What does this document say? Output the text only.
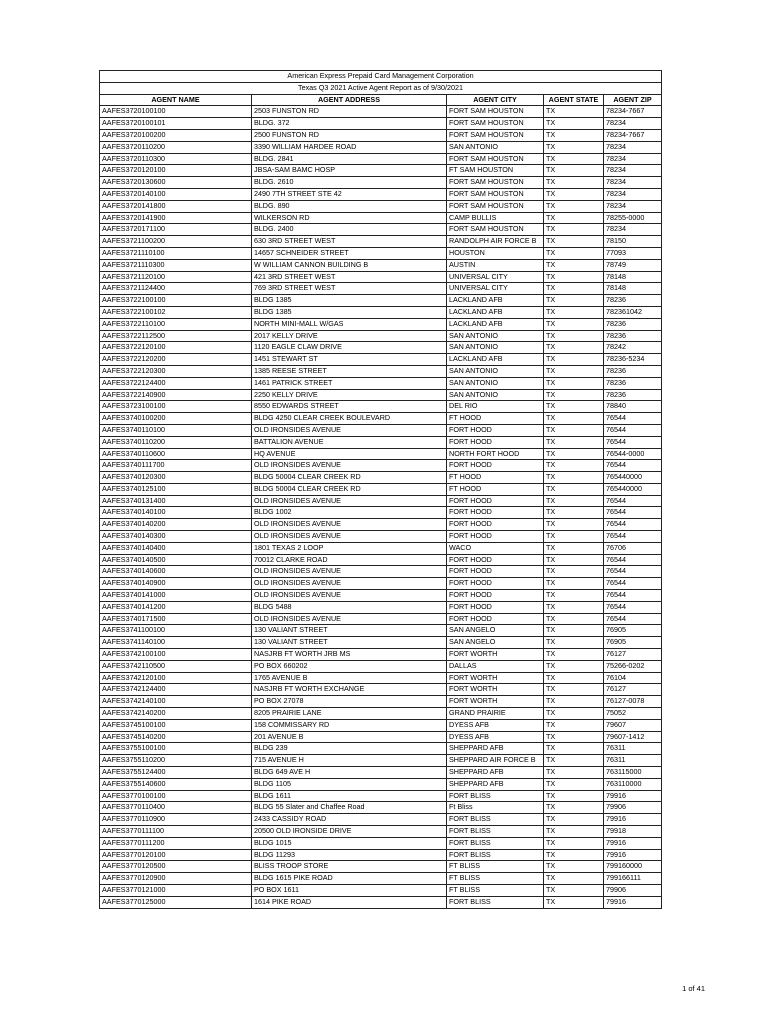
American Express Prepaid Card Management Corporation				
Texas Q3 2021 Active Agent Report as of 9/30/2021				
AGENT NAME	AGENT ADDRESS	AGENT CITY	AGENT STATE	AGENT ZIP
AAFES3720100100	2503 FUNSTON RD	FORT SAM HOUSTON	TX	78234-7667
AAFES3720100101	BLDG. 372	FORT SAM HOUSTON	TX	78234
AAFES3720100200	2500 FUNSTON RD	FORT SAM HOUSTON	TX	78234-7667
AAFES3720110200	3390 WILLIAM HARDEE ROAD	SAN ANTONIO	TX	78234
AAFES3720110300	BLDG. 2841	FORT SAM HOUSTON	TX	78234
AAFES3720120100	JBSA-SAM BAMC HOSP	FT SAM HOUSTON	TX	78234
AAFES3720130600	BLDG. 2610	FORT SAM HOUSTON	TX	78234
AAFES3720140100	2490 7TH STREET STE 42	FORT SAM HOUSTON	TX	78234
AAFES3720141800	BLDG. 890	FORT SAM HOUSTON	TX	78234
AAFES3720141900	WILKERSON RD	CAMP BULLIS	TX	78255-0000
AAFES3720171100	BLDG. 2400	FORT SAM HOUSTON	TX	78234
AAFES3721100200	630 3RD STREET WEST	RANDOLPH AIR FORCE B	TX	78150
AAFES3721110100	14657 SCHNEIDER STREET	HOUSTON	TX	77093
AAFES3721110300	W WILLIAM CANNON BUILDING B	AUSTIN	TX	78749
AAFES3721120100	421 3RD STREET WEST	UNIVERSAL CITY	TX	78148
AAFES3721124400	769 3RD STREET WEST	UNIVERSAL CITY	TX	78148
AAFES3722100100	BLDG 1385	LACKLAND AFB	TX	78236
AAFES3722100102	BLDG 1385	LACKLAND AFB	TX	782361042
AAFES3722110100	NORTH MINI-MALL W/GAS	LACKLAND AFB	TX	78236
AAFES3722112500	2017 KELLY DRIVE	SAN ANTONIO	TX	78236
AAFES3722120100	1120 EAGLE CLAW DRIVE	SAN ANTONIO	TX	78242
AAFES3722120200	1451 STEWART ST	LACKLAND AFB	TX	78236-5234
AAFES3722120300	1385 REESE STREET	SAN ANTONIO	TX	78236
AAFES3722124400	1461 PATRICK STREET	SAN ANTONIO	TX	78236
AAFES3722140900	2250 KELLY DRIVE	SAN ANTONIO	TX	78236
AAFES3723100100	8550 EDWARDS STREET	DEL RIO	TX	78840
AAFES3740100200	BLDG 4250 CLEAR CREEK BOULEVARD	FT HOOD	TX	76544
AAFES3740110100	OLD IRONSIDES AVENUE	FORT HOOD	TX	76544
AAFES3740110200	BATTALION AVENUE	FORT HOOD	TX	76544
AAFES3740110600	HQ AVENUE	NORTH FORT HOOD	TX	76544-0000
AAFES3740111700	OLD IRONSIDES AVENUE	FORT HOOD	TX	76544
AAFES3740120300	BLDG 50004 CLEAR CREEK RD	FT HOOD	TX	765440000
AAFES3740125100	BLDG 50004 CLEAR CREEK RD	FT HOOD	TX	765440000
AAFES3740131400	OLD IRONSIDES AVENUE	FORT HOOD	TX	76544
AAFES3740140100	BLDG 1002	FORT HOOD	TX	76544
AAFES3740140200	OLD IRONSIDES AVENUE	FORT HOOD	TX	76544
AAFES3740140300	OLD IRONSIDES AVENUE	FORT HOOD	TX	76544
AAFES3740140400	1801 TEXAS 2 LOOP	WACO	TX	76706
AAFES3740140500	70012 CLARKE ROAD	FORT HOOD	TX	76544
AAFES3740140600	OLD IRONSIDES AVENUE	FORT HOOD	TX	76544
AAFES3740140900	OLD IRONSIDES AVENUE	FORT HOOD	TX	76544
AAFES3740141000	OLD IRONSIDES AVENUE	FORT HOOD	TX	76544
AAFES3740141200	BLDG 5488	FORT HOOD	TX	76544
AAFES3740171500	OLD IRONSIDES AVENUE	FORT HOOD	TX	76544
AAFES3741100100	130 VALIANT STREET	SAN ANGELO	TX	76905
AAFES3741140100	130 VALIANT STREET	SAN ANGELO	TX	76905
AAFES3742100100	NASJRB FT WORTH JRB MS	FORT WORTH	TX	76127
AAFES3742110500	PO BOX 660202	DALLAS	TX	75266-0202
AAFES3742120100	1765 AVENUE B	FORT WORTH	TX	76104
AAFES3742124400	NASJRB FT WORTH EXCHANGE	FORT WORTH	TX	76127
AAFES3742140100	PO BOX 27078	FORT WORTH	TX	76127-0078
AAFES3742140200	8205 PRAIRIE LANE	GRAND PRAIRIE	TX	75052
AAFES3745100100	158 COMMISSARY RD	DYESS AFB	TX	79607
AAFES3745140200	201 AVENUE B	DYESS AFB	TX	79607-1412
AAFES3755100100	BLDG 239	SHEPPARD AFB	TX	76311
AAFES3755110200	715 AVENUE H	SHEPPARD AIR FORCE B	TX	76311
AAFES3755124400	BLDG 649 AVE H	SHEPPARD AFB	TX	763115000
AAFES3755140600	BLDG 1105	SHEPPARD AFB	TX	763110000
AAFES3770100100	BLDG 1611	FORT BLISS	TX	79916
AAFES3770110400	BLDG 55 Slater and Chaffee Road	Ft Bliss	TX	79906
AAFES3770110900	2433 CASSIDY ROAD	FORT BLISS	TX	79916
AAFES3770111100	20500 OLD IRONSIDE DRIVE	FORT BLISS	TX	79918
AAFES3770111200	BLDG 1015	FORT BLISS	TX	79916
AAFES3770120100	BLDG 11293	FORT BLISS	TX	79916
AAFES3770120500	BLISS TROOP STORE	FT BLISS	TX	799160000
AAFES3770120900	BLDG 1615 PIKE ROAD	FT BLISS	TX	799166111
AAFES3770121000	PO BOX 1611	FT BLISS	TX	79906
AAFES3770125000	1614 PIKE ROAD	FORT BLISS	TX	79916
1 of 41
